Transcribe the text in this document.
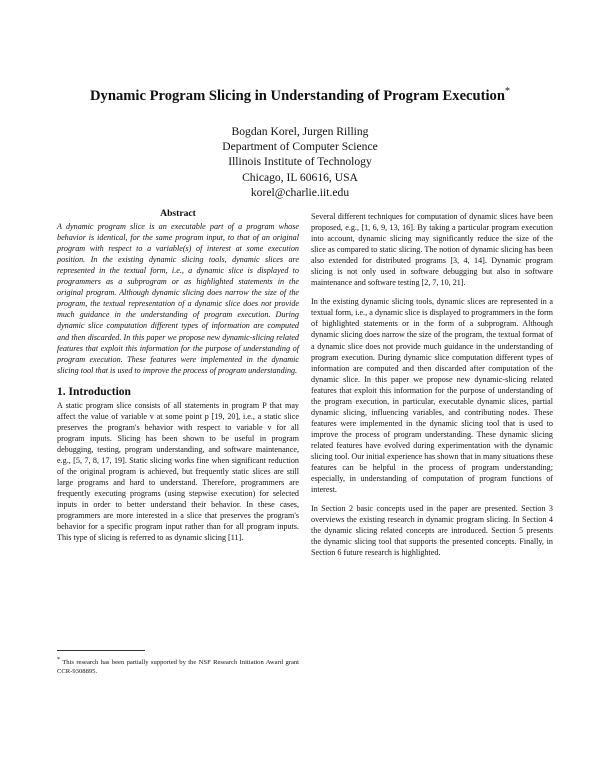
Dynamic Program Slicing in Understanding of Program Execution*
Bogdan Korel, Jurgen Rilling
Department of Computer Science
Illinois Institute of Technology
Chicago, IL 60616, USA
korel@charlie.iit.edu
Abstract

A dynamic program slice is an executable part of a program whose behavior is identical, for the same program input, to that of an original program with respect to a variable(s) of interest at some execution position. In the existing dynamic slicing tools, dynamic slices are represented in the textual form, i.e., a dynamic slice is displayed to programmers as a subprogram or as highlighted statements in the original program. Although dynamic slicing does narrow the size of the program, the textual representation of a dynamic slice does not provide much guidance in the understanding of program execution. During dynamic slice computation different types of information are computed and then discarded. In this paper we propose new dynamic-slicing related features that exploit this information for the purpose of understanding of program execution. These features were implemented in the dynamic slicing tool that is used to improve the process of program understanding.

1. Introduction

A static program slice consists of all statements in program P that may affect the value of variable v at some point p [19, 20], i.e., a static slice preserves the program's behavior with respect to variable v for all program inputs. Slicing has been shown to be useful in program debugging, testing, program understanding, and software maintenance, e.g., [5, 7, 8, 17, 19]. Static slicing works fine when significant reduction of the original program is achieved, but frequently static slices are still large programs and hard to understand. Therefore, programmers are frequently executing programs (using stepwise execution) for selected inputs in order to better understand their behavior. In these cases, programmers are more interested in a slice that preserves the program's behavior for a specific program input rather than for all program inputs. This type of slicing is referred to as dynamic slicing [11].

Several different techniques for computation of dynamic slices have been proposed, e.g., [1, 6, 9, 13, 16]. By taking a particular program execution into account, dynamic slicing may significantly reduce the size of the slice as compared to static slicing. The notion of dynamic slicing has been also extended for distributed programs [3, 4, 14]. Dynamic program slicing is not only used in software debugging but also in software maintenance and software testing [2, 7, 10, 21].

In the existing dynamic slicing tools, dynamic slices are represented in a textual form, i.e., a dynamic slice is displayed to programmers in the form of highlighted statements or in the form of a subprogram. Although dynamic slicing does narrow the size of the program, the textual format of a dynamic slice does not provide much guidance in the understanding of program execution. During dynamic slice computation different types of information are computed and then discarded after computation of the dynamic slice. In this paper we propose new dynamic-slicing related features that exploit this information for the purpose of understanding of the program execution, in particular, executable dynamic slices, partial dynamic slicing, influencing variables, and contributing nodes. These features were implemented in the dynamic slicing tool that is used to improve the process of program understanding. These dynamic slicing related features have evolved during experimentation with the dynamic slicing tool. Our initial experience has shown that in many situations these features can be helpful in the process of program understanding; especially, in understanding of computation of program functions of interest.

In Section 2 basic concepts used in the paper are presented. Section 3 overviews the existing research in dynamic program slicing. In Section 4 the dynamic slicing related concepts are introduced. Section 5 presents the dynamic slicing tool that supports the presented concepts. Finally, in Section 6 future research is highlighted.

* This research has been partially supported by the NSF Research Initiation Award grant CCR-9308895.
